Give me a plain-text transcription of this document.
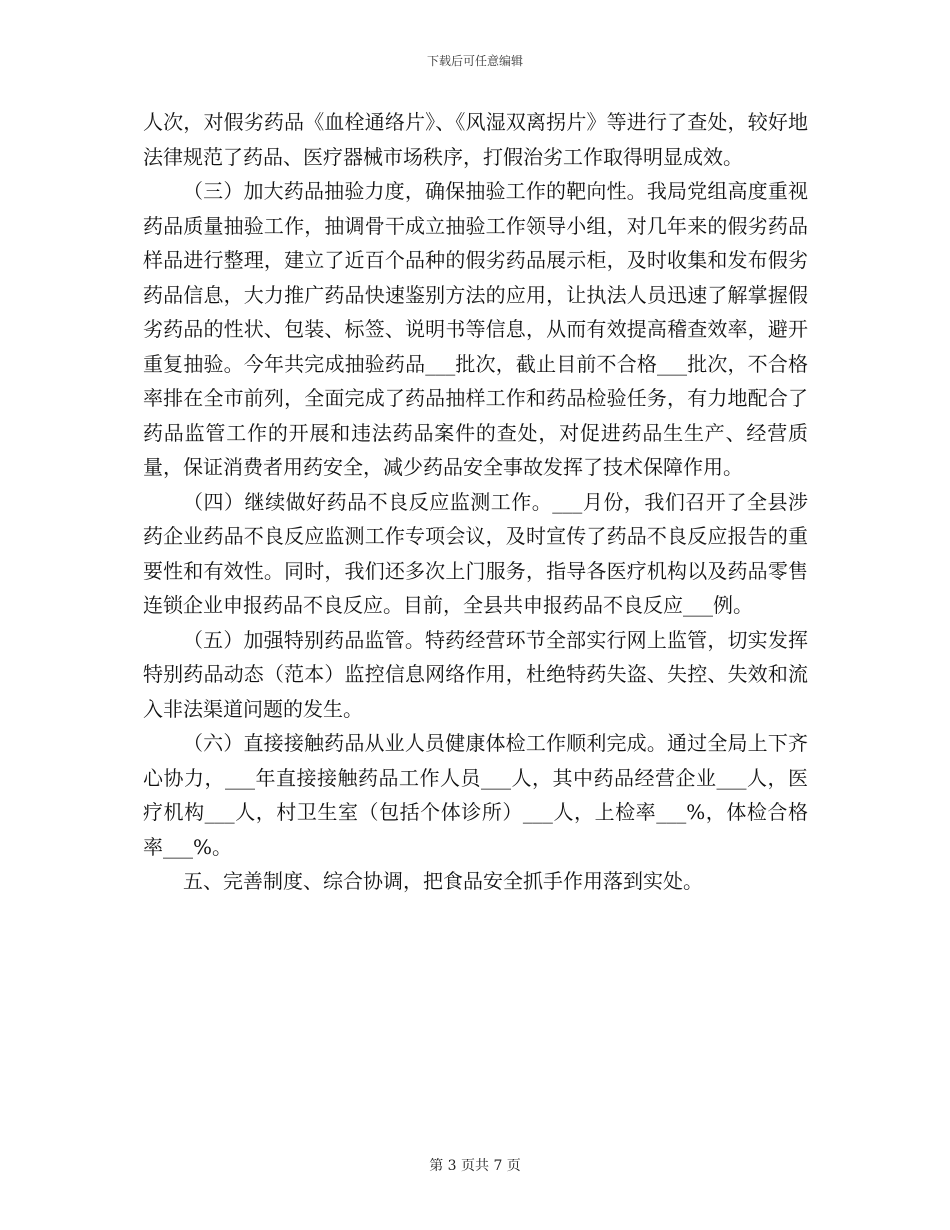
下载后可任意编辑

人次，对假劣药品《血栓通络片》、《风湿双离拐片》等进行了查处，较好地法律规范了药品、医疗器械市场秩序，打假治劣工作取得明显成效。

（三）加大药品抽验力度，确保抽验工作的靶向性。我局党组高度重视药品质量抽验工作，抽调骨干成立抽验工作领导小组，对几年来的假劣药品样品进行整理，建立了近百个品种的假劣药品展示柜，及时收集和发布假劣药品信息，大力推广药品快速鉴别方法的应用，让执法人员迅速了解掌握假劣药品的性状、包装、标签、说明书等信息，从而有效提高稽查效率，避开重复抽验。今年共完成抽验药品___批次，截止目前不合格___批次，不合格率排在全市前列，全面完成了药品抽样工作和药品检验任务，有力地配合了药品监管工作的开展和违法药品案件的查处，对促进药品生生产、经营质量，保证消费者用药安全，减少药品安全事故发挥了技术保障作用。

（四）继续做好药品不良反应监测工作。___月份，我们召开了全县涉药企业药品不良反应监测工作专项会议，及时宣传了药品不良反应报告的重要性和有效性。同时，我们还多次上门服务，指导各医疗机构以及药品零售连锁企业申报药品不良反应。目前，全县共申报药品不良反应___例。

（五）加强特别药品监管。特药经营环节全部实行网上监管，切实发挥特别药品动态（范本）监控信息网络作用，杜绝特药失盗、失控、失效和流入非法渠道问题的发生。

（六）直接接触药品从业人员健康体检工作顺利完成。通过全局上下齐心协力，___年直接接触药品工作人员___人，其中药品经营企业___人，医疗机构___人，村卫生室（包括个体诊所）___人，上检率___%，体检合格率___%。

五、完善制度、综合协调，把食品安全抓手作用落到实处。

第 3 页共 7 页
